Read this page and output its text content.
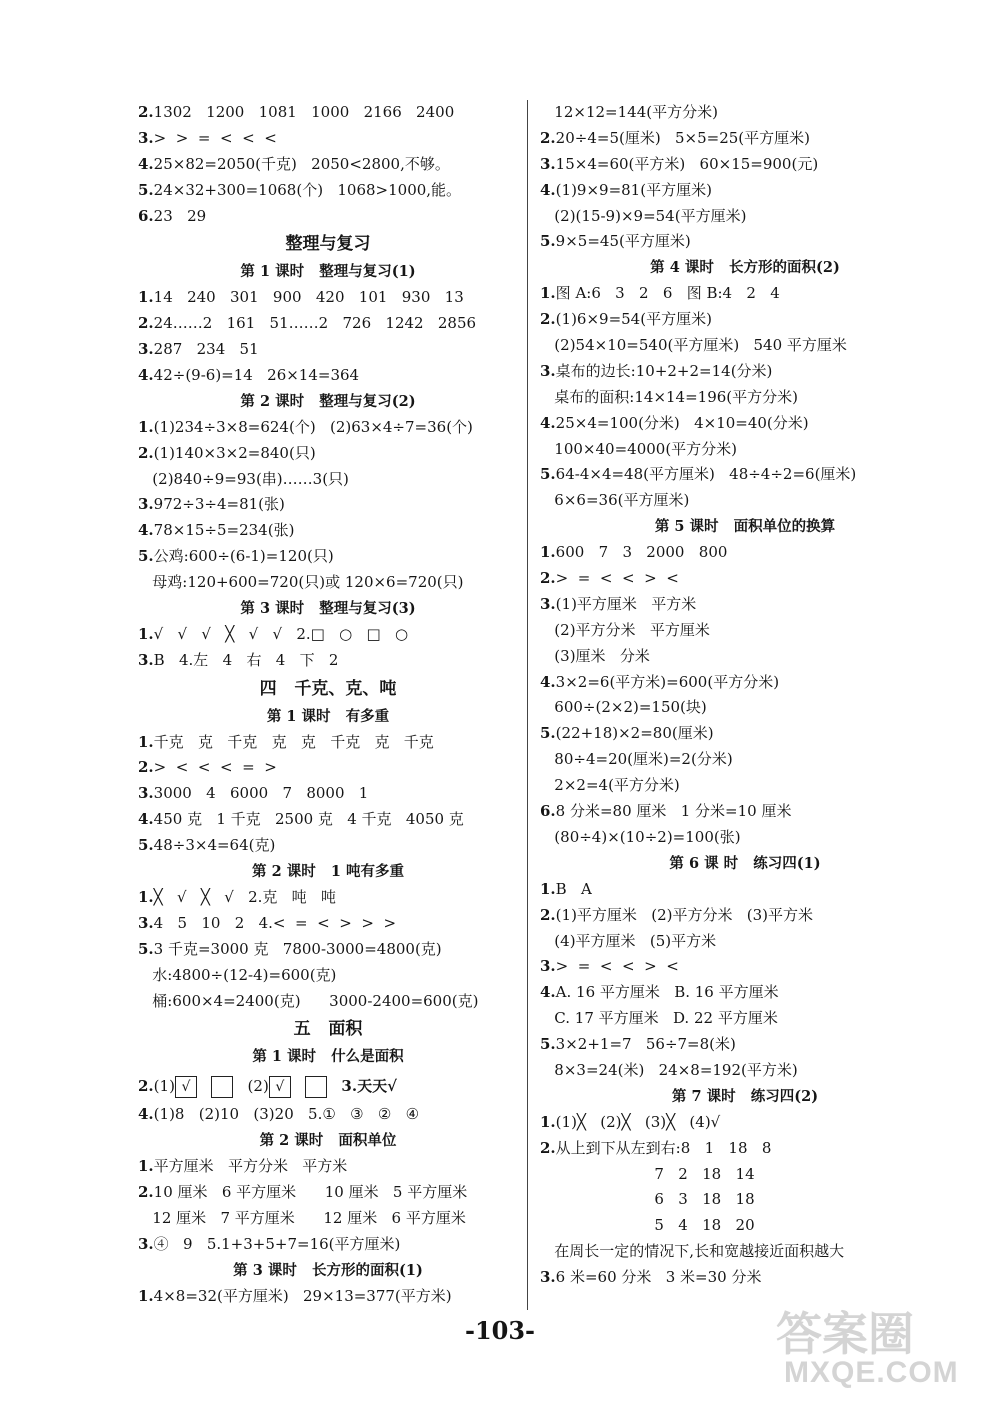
2.1302   1200   1081   1000   2166   2400
3.>  >  =  <  <  <
4.25×82=2050(千克)   2050<2800,不够。
5.24×32+300=1068(个)   1068>1000,能。
6.23   29
整理与复习
第 1 课时   整理与复习(1)
1.14   240   301   900   420   101   930   13
2.24……2   161   51……2   726   1242   2856
3.287   234   51
4.42÷(9-6)=14   26×14=364
第 2 课时   整理与复习(2)
1.(1)234÷3×8=624(个)   (2)63×4÷7=36(个)
2.(1)140×3×2=840(只)
(2)840÷9=93(串)……3(只)
3.972÷3÷4=81(张)
4.78×15÷5=234(张)
5.公鸡:600÷(6-1)=120(只)
母鸡:120+600=720(只)或 120×6=720(只)
第 3 课时   整理与复习(3)
1.√   √   √   ╳   √   √   2.□   ○   □   ○
3.B   4.左   4   右   4   下   2
四   千克、克、吨
第 1 课时   有多重
1.千克   克   千克   克   克   千克   克   千克
2.>  <  <  <  =  >
3.3000   4   6000   7   8000   1
4.450 克   1 千克   2500 克   4 千克   4050 克
5.48÷3×4=64(克)
第 2 课时   1 吨有多重
1.╳   √   ╳   √   2.克   吨   吨
3.4   5   10   2   4.<  =  <  >  >  >
5.3 千克=3000 克   7800-3000=4800(克)
水:4800÷(12-4)=600(克)
桶:600×4=2400(克)      3000-2400=600(克)
五   面积
第 1 课时   什么是面积
2.(1) √	(2) √	3.天天√
4.(1)8   (2)10   (3)20   5.①   ③   ②   ④
第 2 课时   面积单位
1.平方厘米   平方分米   平方米
2.10 厘米   6 平方厘米      10 厘米   5 平方厘米
12 厘米   7 平方厘米      12 厘米   6 平方厘米
3.④   9   5.1+3+5+7=16(平方厘米)
第 3 课时   长方形的面积(1)
1.4×8=32(平方厘米)   29×13=377(平方米)
12×12=144(平方分米)
2.20÷4=5(厘米)   5×5=25(平方厘米)
3.15×4=60(平方米)   60×15=900(元)
4.(1)9×9=81(平方厘米)
(2)(15-9)×9=54(平方厘米)
5.9×5=45(平方厘米)
第 4 课时   长方形的面积(2)
1.图 A:6   3   2   6   图 B:4   2   4
2.(1)6×9=54(平方厘米)
(2)54×10=540(平方厘米)   540 平方厘米
3.桌布的边长:10+2+2=14(分米)
桌布的面积:14×14=196(平方分米)
4.25×4=100(分米)   4×10=40(分米)
100×40=4000(平方分米)
5.64-4×4=48(平方厘米)   48÷4÷2=6(厘米)
6×6=36(平方厘米)
第 5 课时   面积单位的换算
1.600   7   3   2000   800
2.>  =  <  <  >  <
3.(1)平方厘米   平方米
(2)平方分米   平方厘米
(3)厘米   分米
4.3×2=6(平方米)=600(平方分米)
600÷(2×2)=150(块)
5.(22+18)×2=80(厘米)
80÷4=20(厘米)=2(分米)
2×2=4(平方分米)
6.8 分米=80 厘米   1 分米=10 厘米
(80÷4)×(10÷2)=100(张)
第 6 课 时   练习四(1)
1.B   A
2.(1)平方厘米   (2)平方分米   (3)平方米
(4)平方厘米   (5)平方米
3.>  =  <  <  >  <
4.A. 16 平方厘米   B. 16 平方厘米
C. 17 平方厘米   D. 22 平方厘米
5.3×2+1=7   56÷7=8(米)
8×3=24(米)   24×8=192(平方米)
第 7 课时   练习四(2)
1.(1)╳   (2)╳   (3)╳   (4)√
2.从上到下从左到右:8   1   18   8
7   2   18   14
6   3   18   18
5   4   18   20
在周长一定的情况下,长和宽越接近面积越大
3.6 米=60 分米   3 米=30 分米
-103-	答案圈
MXQE.COM
